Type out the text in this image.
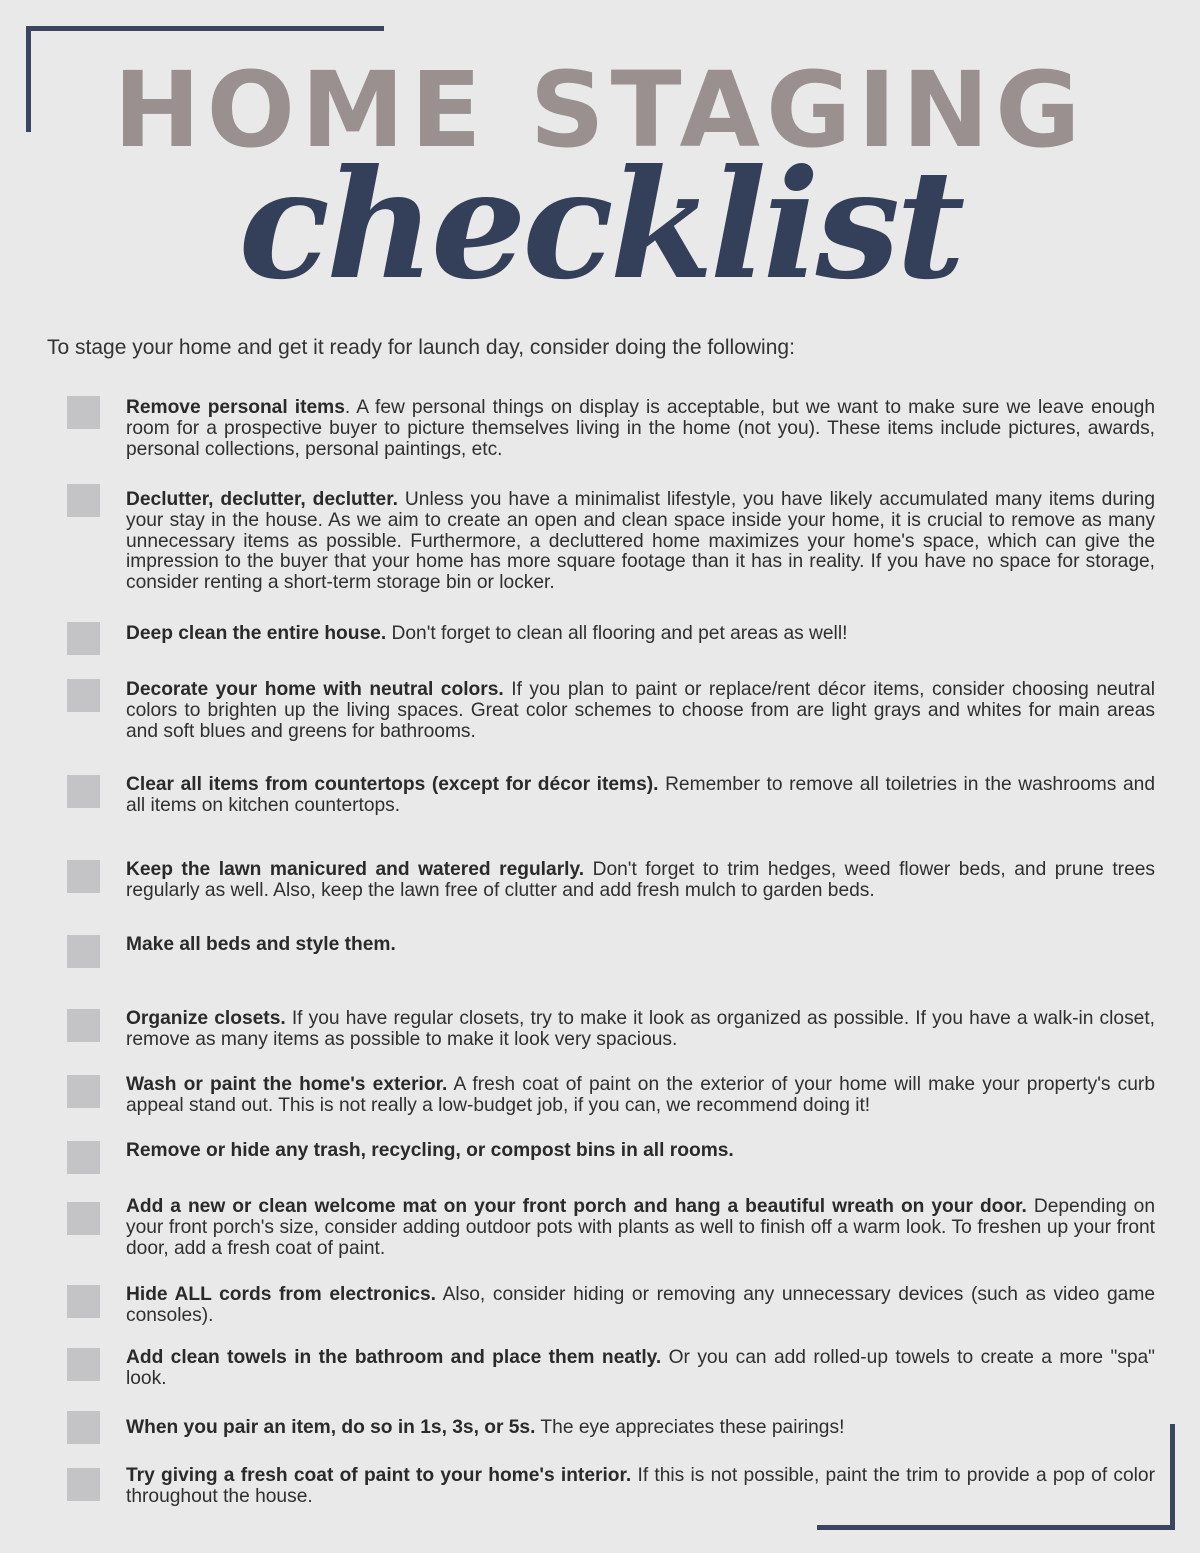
HOME STAGING
checklist
To stage your home and get it ready for launch day, consider doing the following:
Remove personal items. A few personal things on display is acceptable, but we want to make sure we leave enough room for a prospective buyer to picture themselves living in the home (not you). These items include pictures, awards, personal collections, personal paintings, etc.
Declutter, declutter, declutter. Unless you have a minimalist lifestyle, you have likely accumulated many items during your stay in the house. As we aim to create an open and clean space inside your home, it is crucial to remove as many unnecessary items as possible. Furthermore, a decluttered home maximizes your home's space, which can give the impression to the buyer that your home has more square footage than it has in reality. If you have no space for storage, consider renting a short-term storage bin or locker.
Deep clean the entire house. Don't forget to clean all flooring and pet areas as well!
Decorate your home with neutral colors. If you plan to paint or replace/rent décor items, consider choosing neutral colors to brighten up the living spaces. Great color schemes to choose from are light grays and whites for main areas and soft blues and greens for bathrooms.
Clear all items from countertops (except for décor items). Remember to remove all toiletries in the washrooms and all items on kitchen countertops.
Keep the lawn manicured and watered regularly. Don't forget to trim hedges, weed flower beds, and prune trees regularly as well. Also, keep the lawn free of clutter and add fresh mulch to garden beds.
Make all beds and style them.
Organize closets. If you have regular closets, try to make it look as organized as possible. If you have a walk-in closet, remove as many items as possible to make it look very spacious.
Wash or paint the home's exterior. A fresh coat of paint on the exterior of your home will make your property's curb appeal stand out. This is not really a low-budget job, if you can, we recommend doing it!
Remove or hide any trash, recycling, or compost bins in all rooms.
Add a new or clean welcome mat on your front porch and hang a beautiful wreath on your door. Depending on your front porch's size, consider adding outdoor pots with plants as well to finish off a warm look. To freshen up your front door, add a fresh coat of paint.
Hide ALL cords from electronics. Also, consider hiding or removing any unnecessary devices (such as video game consoles).
Add clean towels in the bathroom and place them neatly. Or you can add rolled-up towels to create a more "spa" look.
When you pair an item, do so in 1s, 3s, or 5s. The eye appreciates these pairings!
Try giving a fresh coat of paint to your home's interior. If this is not possible, paint the trim to provide a pop of color throughout the house.
